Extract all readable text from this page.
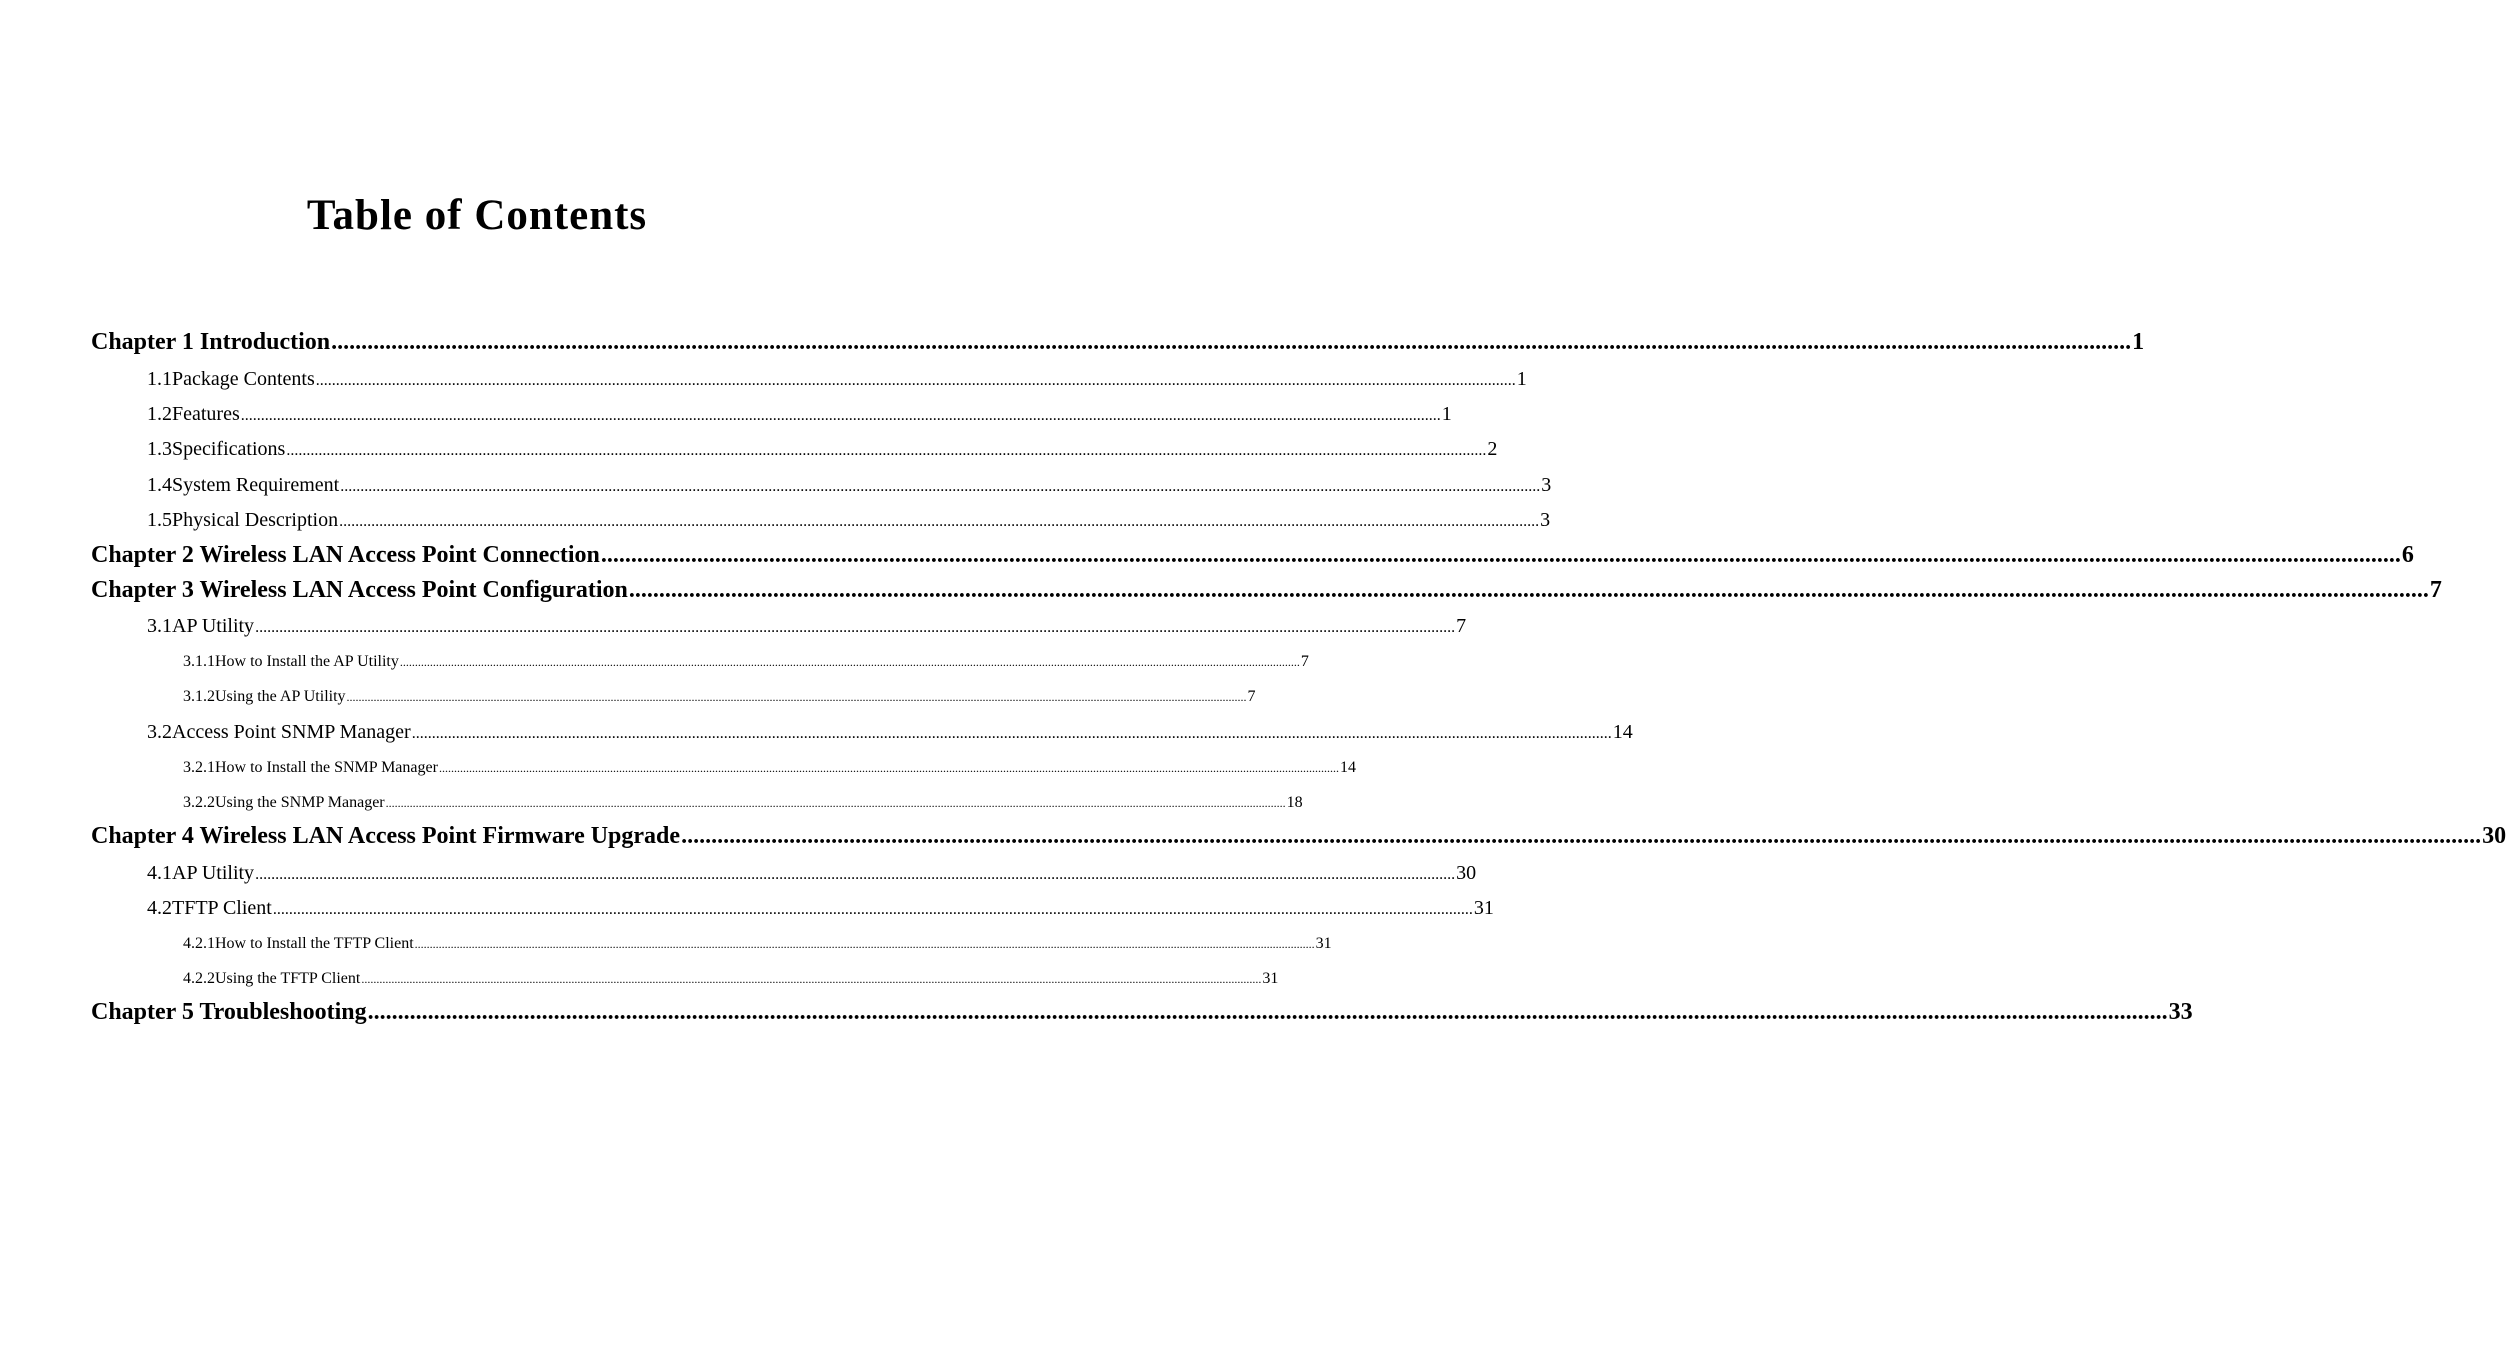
Table of Contents
Chapter 1 Introduction ............................................................................................................................................................................................................................................................................................................ 1
1.1 Package Contents ............................................................................................................................................................................................................................................................................................................ 1
1.2 Features ............................................................................................................................................................................................................................................................................................................ 1
1.3 Specifications ............................................................................................................................................................................................................................................................................................................ 2
1.4 System Requirement ............................................................................................................................................................................................................................................................................................................ 3
1.5 Physical Description ............................................................................................................................................................................................................................................................................................................ 3
Chapter 2 Wireless LAN Access Point Connection ............................................................................................................................................................................................................................................................................................................ 6
Chapter 3 Wireless LAN Access Point Configuration ............................................................................................................................................................................................................................................................................................................ 7
3.1 AP Utility ............................................................................................................................................................................................................................................................................................................ 7
3.1.1 How to Install the AP Utility ............................................................................................................................................................................................................................................................................................................ 7
3.1.2 Using the AP Utility ............................................................................................................................................................................................................................................................................................................ 7
3.2 Access Point SNMP Manager ............................................................................................................................................................................................................................................................................................................ 14
3.2.1 How to Install the SNMP Manager ............................................................................................................................................................................................................................................................................................................ 14
3.2.2 Using the SNMP Manager ............................................................................................................................................................................................................................................................................................................ 18
Chapter 4 Wireless LAN Access Point Firmware Upgrade ............................................................................................................................................................................................................................................................................................................ 30
4.1 AP Utility ............................................................................................................................................................................................................................................................................................................ 30
4.2 TFTP Client ............................................................................................................................................................................................................................................................................................................ 31
4.2.1 How to Install the TFTP Client ............................................................................................................................................................................................................................................................................................................ 31
4.2.2 Using the TFTP Client ............................................................................................................................................................................................................................................................................................................ 31
Chapter 5 Troubleshooting ............................................................................................................................................................................................................................................................................................................ 33
